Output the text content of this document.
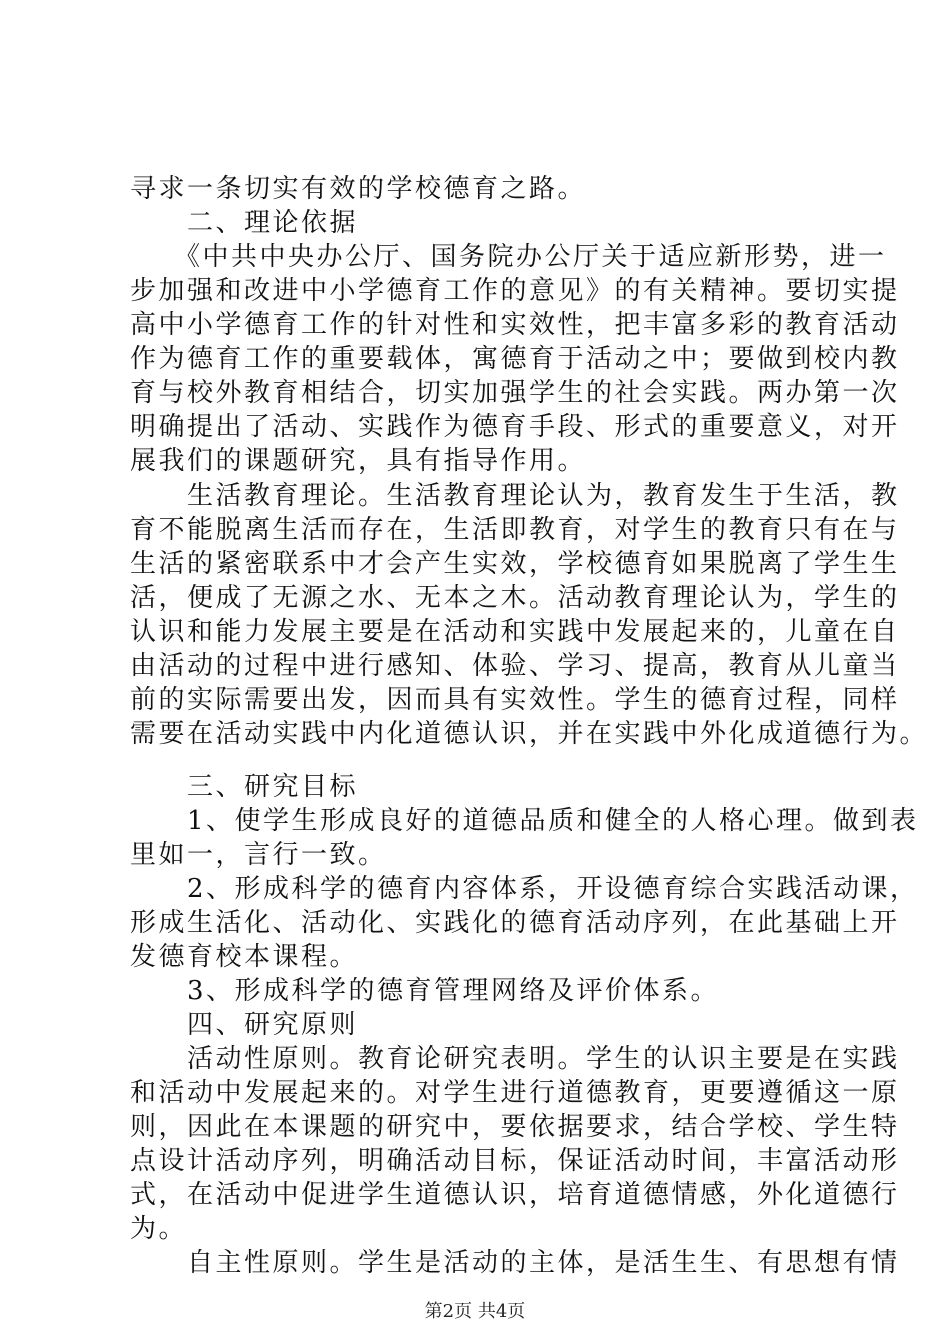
寻求一条切实有效的学校德育之路。
　　二、理论依据
　　《中共中央办公厅、国务院办公厅关于适应新形势，进一
步加强和改进中小学德育工作的意见》的有关精神。要切实提
高中小学德育工作的针对性和实效性，把丰富多彩的教育活动
作为德育工作的重要载体，寓德育于活动之中；要做到校内教
育与校外教育相结合，切实加强学生的社会实践。两办第一次
明确提出了活动、实践作为德育手段、形式的重要意义，对开
展我们的课题研究，具有指导作用。
　　生活教育理论。生活教育理论认为，教育发生于生活，教
育不能脱离生活而存在，生活即教育，对学生的教育只有在与
生活的紧密联系中才会产生实效，学校德育如果脱离了学生生
活，便成了无源之水、无本之木。活动教育理论认为，学生的
认识和能力发展主要是在活动和实践中发展起来的，儿童在自
由活动的过程中进行感知、体验、学习、提高，教育从儿童当
前的实际需要出发，因而具有实效性。学生的德育过程，同样
需要在活动实践中内化道德认识，并在实践中外化成道德行为。
　　三、研究目标
　　1、使学生形成良好的道德品质和健全的人格心理。做到表
里如一，言行一致。
　　2、形成科学的德育内容体系，开设德育综合实践活动课，
形成生活化、活动化、实践化的德育活动序列，在此基础上开
发德育校本课程。
　　3、形成科学的德育管理网络及评价体系。
　　四、研究原则
　　活动性原则。教育论研究表明。学生的认识主要是在实践
和活动中发展起来的。对学生进行道德教育，更要遵循这一原
则，因此在本课题的研究中，要依据要求，结合学校、学生特
点设计活动序列，明确活动目标，保证活动时间，丰富活动形
式，在活动中促进学生道德认识，培育道德情感，外化道德行
为。
　　自主性原则。学生是活动的主体，是活生生、有思想有情
第2页 共4页
